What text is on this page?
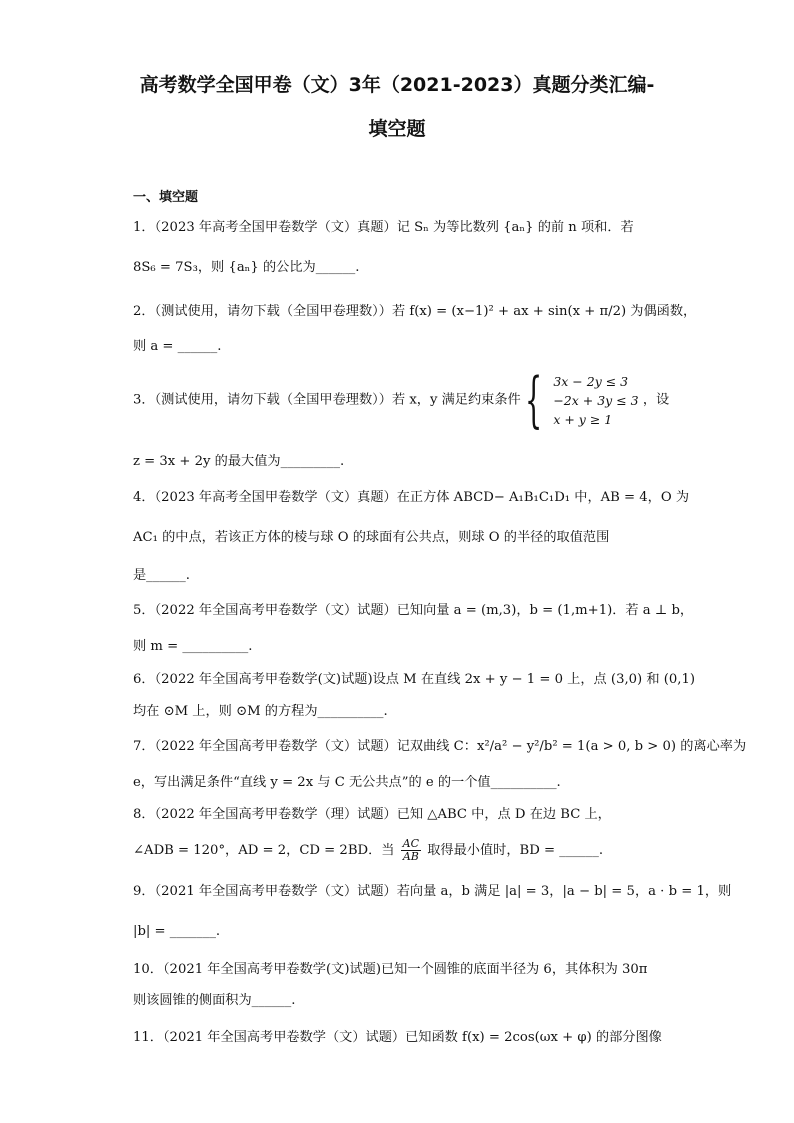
高考数学全国甲卷（文）3年（2021-2023）真题分类汇编-
填空题
一、填空题
1．（2023 年高考全国甲卷数学（文）真题）记 Sₙ 为等比数列 {aₙ} 的前 n 项和．若
8S₆ = 7S₃，则 {aₙ} 的公比为______.
2．（测试使用，请勿下载（全国甲卷理数））若 f(x) = (x−1)² + ax + sin(x + π/2) 为偶函数，
则 a = ______.
3．（测试使用，请勿下载（全国甲卷理数））若 x，y 满足约束条件 { 3x − 2y ≤ 3
−2x + 3y ≤ 3
x + y ≥ 1 ，设
z = 3x + 2y 的最大值为_________.
4．（2023 年高考全国甲卷数学（文）真题）在正方体 ABCD− A₁B₁C₁D₁ 中，AB = 4，O 为
AC₁ 的中点，若该正方体的棱与球 O 的球面有公共点，则球 O 的半径的取值范围
是______.
5．（2022 年全国高考甲卷数学（文）试题）已知向量 a = (m,3)，b = (1,m+1)．若 a ⊥ b，
则 m = __________.
6．（2022 年全国高考甲卷数学(文)试题)设点 M 在直线 2x + y − 1 = 0 上，点 (3,0) 和 (0,1)
均在 ⊙M 上，则 ⊙M 的方程为__________.
7．（2022 年全国高考甲卷数学（文）试题）记双曲线 C：x²/a² − y²/b² = 1(a > 0, b > 0) 的离心率为
e，写出满足条件“直线 y = 2x 与 C 无公共点”的 e 的一个值__________.
8．（2022 年全国高考甲卷数学（理）试题）已知 △ABC 中，点 D 在边 BC 上，
∠ADB = 120°，AD = 2，CD = 2BD．当 $\frac{AC}{AB}$ 取得最小值时，BD = ______.
9．（2021 年全国高考甲卷数学（文）试题）若向量 a，b 满足 |a| = 3，|a − b| = 5，a · b = 1，则
|b| = _______.
10．（2021 年全国高考甲卷数学(文)试题)已知一个圆锥的底面半径为 6，其体积为 30π
则该圆锥的侧面积为______.
11．（2021 年全国高考甲卷数学（文）试题）已知函数 f(x) = 2cos(ωx + φ) 的部分图像
